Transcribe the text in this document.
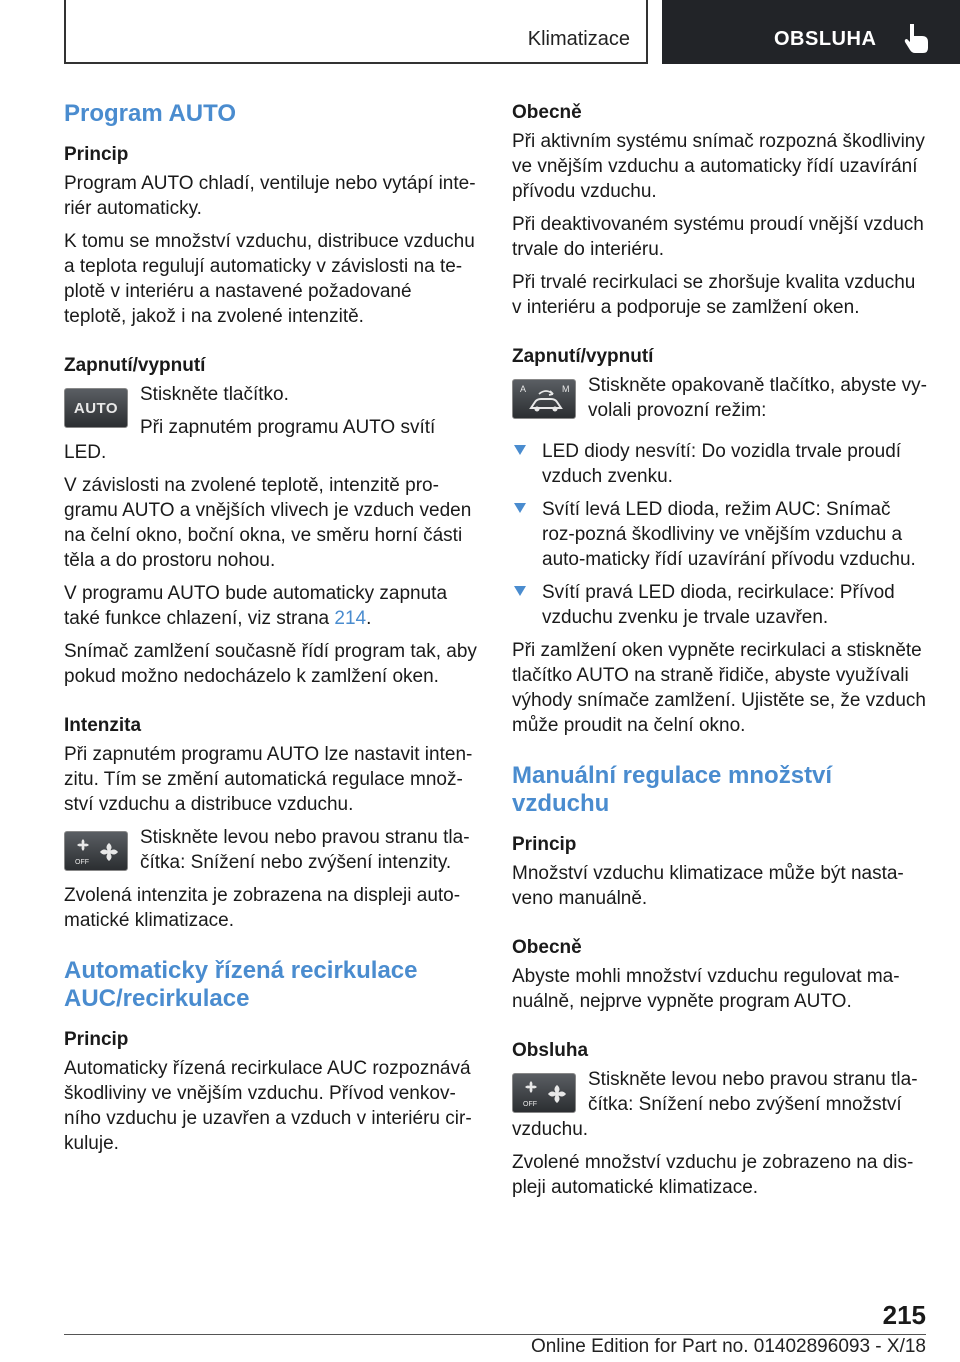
Klimatizace	OBSLUHA
Program AUTO
Princip

Program AUTO chladí, ventiluje nebo vytápí inte‐riér automaticky.

K tomu se množství vzduchu, distribuce vzduchu a teplota regulují automaticky v závislosti na te‐plotě v interiéru a nastavené požadované teplotě, jakož i na zvolené intenzitě.

Zapnutí/vypnutí
AUTO

Stiskněte tlačítko.

Při zapnutém programu AUTO svítí LED.

V závislosti na zvolené teplotě, intenzitě pro‐gramu AUTO a vnějších vlivech je vzduch veden na čelní okno, boční okna, ve směru horní části těla a do prostoru nohou.

V programu AUTO bude automaticky zapnuta také funkce chlazení, viz strana 214.

Snímač zamlžení současně řídí program tak, aby pokud možno nedocházelo k zamlžení oken.

Intenzita

Při zapnutém programu AUTO lze nastavit inten‐zitu. Tím se změní automatická regulace množ‐ství vzduchu a distribuce vzduchu.

OFF

Stiskněte levou nebo pravou stranu tla‐čítka: Snížení nebo zvýšení intenzity.

Zvolená intenzita je zobrazena na displeji auto‐matické klimatizace.

Automaticky řízená recirkulace AUC/recirkulace
Princip

Automaticky řízená recirkulace AUC rozpoznává škodliviny ve vnějším vzduchu. Přívod venkov‐ního vzduchu je uzavřen a vzduch v interiéru cir‐kuluje.

Obecně

Při aktivním systému snímač rozpozná škodliviny ve vnějším vzduchu a automaticky řídí uzavírání přívodu vzduchu.

Při deaktivovaném systému proudí vnější vzduch trvale do interiéru.

Při trvalé recirkulaci se zhoršuje kvalita vzduchu v interiéru a podporuje se zamlžení oken.

Zapnutí/vypnutí
A	M Stiskněte opakovaně tlačítko, abyste vy‐volali provozní režim:

LED diody nesvítí: Do vozidla trvale proudí vzduch zvenku.
Svítí levá LED dioda, režim AUC: Snímač roz‐pozná škodliviny ve vnějším vzduchu a auto‐maticky řídí uzavírání přívodu vzduchu.
Svítí pravá LED dioda, recirkulace: Přívod vzduchu zvenku je trvale uzavřen.

Při zamlžení oken vypněte recirkulaci a stiskněte tlačítko AUTO na straně řidiče, abyste využívali výhody snímače zamlžení. Ujistěte se, že vzduch může proudit na čelní okno.

Manuální regulace množství vzduchu
Princip

Množství vzduchu klimatizace může být nasta‐veno manuálně.

Obecně

Abyste mohli množství vzduchu regulovat ma‐nuálně, nejprve vypněte program AUTO.

Obsluha
OFF

Stiskněte levou nebo pravou stranu tla‐čítka: Snížení nebo zvýšení množství vzduchu.

Zvolené množství vzduchu je zobrazeno na dis‐pleji automatické klimatizace.

215
Online Edition for Part no. 01402896093 - X/18
